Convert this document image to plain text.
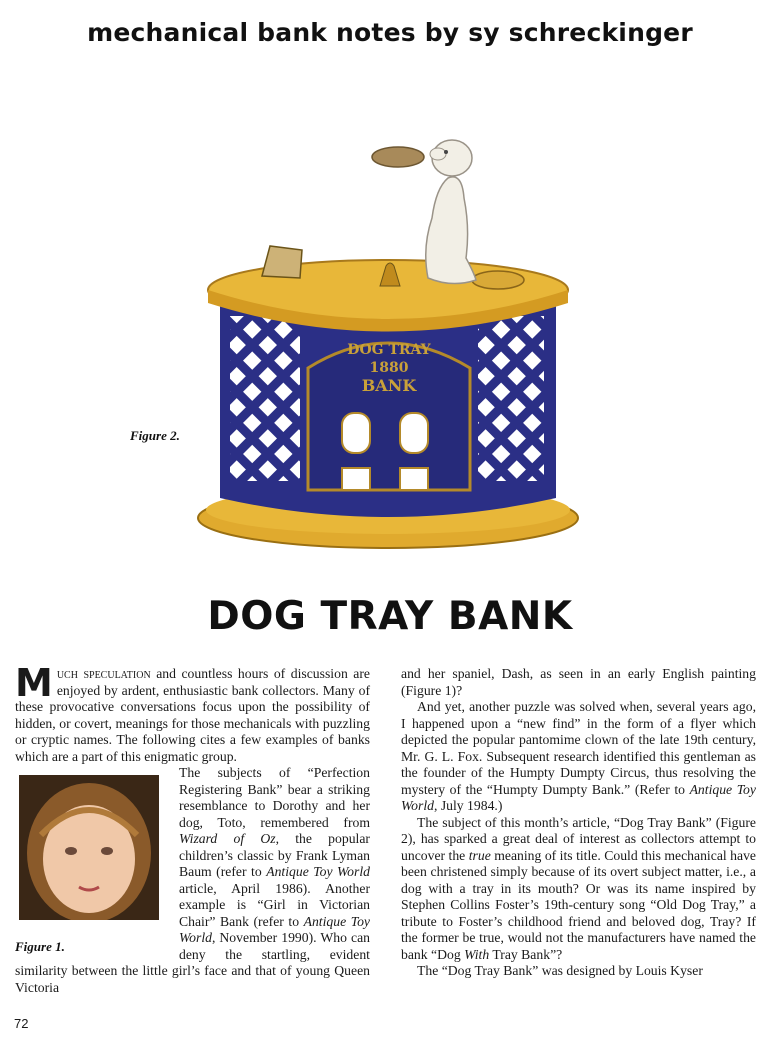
mechanical bank notes by sy schreckinger
DOG TRAY
1880
BANK
Figure 2.
DOG TRAY BANK

Much speculation and countless hours of discussion are enjoyed by ardent, enthusiastic bank collectors. Many of these provocative conversations focus upon the possibility of hidden, or covert, meanings for those mechanicals with puzzling or cryptic names. The following cites a few examples of banks which are a part of this enigmatic group.

Figure 1.

The subjects of “Perfection Registering Bank” bear a striking resemblance to Dorothy and her dog, Toto, remembered from Wizard of Oz, the popular children’s classic by Frank Lyman Baum (refer to Antique Toy World article, April 1986). Another example is “Girl in Victorian Chair” Bank (refer to Antique Toy World, November 1990). Who can deny the startling, evident similarity between the little girl’s face and that of young Queen Victoria

and her spaniel, Dash, as seen in an early English painting (Figure 1)?

And yet, another puzzle was solved when, several years ago, I happened upon a “new find” in the form of a flyer which depicted the popular pantomime clown of the late 19th century, Mr. G. L. Fox. Subsequent research identified this gentleman as the founder of the Humpty Dumpty Circus, thus resolving the mystery of the “Humpty Dumpty Bank.” (Refer to Antique Toy World, July 1984.)

The subject of this month’s article, “Dog Tray Bank” (Figure 2), has sparked a great deal of interest as collectors attempt to uncover the true meaning of its title. Could this mechanical have been christened simply because of its overt subject matter, i.e., a dog with a tray in its mouth? Or was its name inspired by Stephen Collins Foster’s 19th-century song “Old Dog Tray,” a tribute to Foster’s childhood friend and beloved dog, Tray? If the former be true, would not the manufacturers have named the bank “Dog With Tray Bank”?

The “Dog Tray Bank” was designed by Louis Kyser

72
